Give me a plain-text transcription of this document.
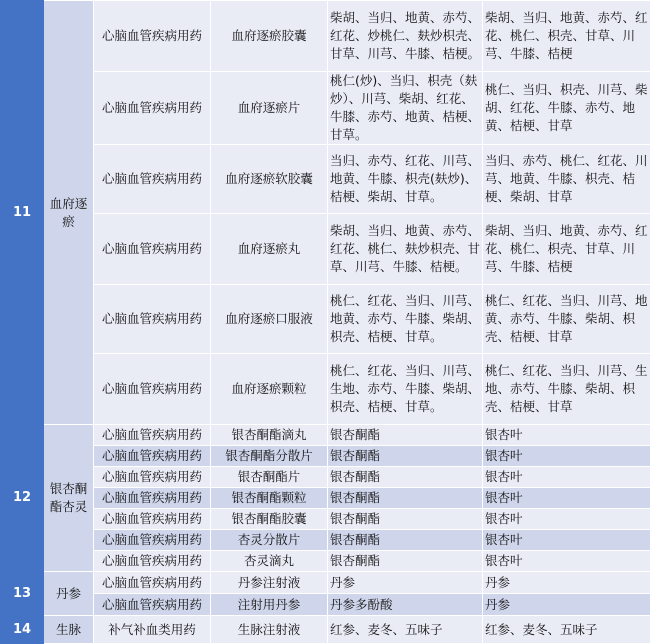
11	血府逐瘀	心脑血管疾病用药	血府逐瘀胶囊	柴胡、当归、地黄、赤芍、红花、炒桃仁、麸炒枳壳、甘草、川芎、牛膝、桔梗。	柴胡、当归、地黄、赤芍、红花、桃仁、枳壳、甘草、川芎、牛膝、桔梗
		心脑血管疾病用药	血府逐瘀片	桃仁(炒)、当归、枳壳（麸炒）、川芎、柴胡、红花、牛膝、赤芍、地黄、桔梗、甘草。	桃仁、当归、枳壳、川芎、柴胡、红花、牛膝、赤芍、地黄、桔梗、甘草
		心脑血管疾病用药	血府逐瘀软胶囊	当归、赤芍、红花、川芎、地黄、牛膝、枳壳(麸炒)、桔梗、柴胡、甘草。	当归、赤芍、桃仁、红花、川芎、地黄、牛膝、枳壳、桔梗、柴胡、甘草
		心脑血管疾病用药	血府逐瘀丸	柴胡、当归、地黄、赤芍、红花、桃仁、麸炒枳壳、甘草、川芎、牛膝、桔梗。	柴胡、当归、地黄、赤芍、红花、桃仁、枳壳、甘草、川芎、牛膝、桔梗
		心脑血管疾病用药	血府逐瘀口服液	桃仁、红花、当归、川芎、地黄、赤芍、牛膝、柴胡、枳壳、桔梗、甘草。	桃仁、红花、当归、川芎、地黄、赤芍、牛膝、柴胡、枳壳、桔梗、甘草
		心脑血管疾病用药	血府逐瘀颗粒	桃仁、红花、当归、川芎、生地、赤芍、牛膝、柴胡、枳壳、桔梗、甘草。	桃仁、红花、当归、川芎、生地、赤芍、牛膝、柴胡、枳壳、桔梗、甘草
12	银杏酮酯杏灵	心脑血管疾病用药	银杏酮酯滴丸	银杏酮酯	银杏叶
		心脑血管疾病用药	银杏酮酯分散片	银杏酮酯	银杏叶
		心脑血管疾病用药	银杏酮酯片	银杏酮酯	银杏叶
		心脑血管疾病用药	银杏酮酯颗粒	银杏酮酯	银杏叶
		心脑血管疾病用药	银杏酮酯胶囊	银杏酮酯	银杏叶
		心脑血管疾病用药	杏灵分散片	银杏酮酯	银杏叶
		心脑血管疾病用药	杏灵滴丸	银杏酮酯	银杏叶
13	丹参	心脑血管疾病用药	丹参注射液	丹参	丹参
		心脑血管疾病用药	注射用丹参	丹参多酚酸	丹参
14	生脉	补气补血类用药	生脉注射液	红参、麦冬、五味子	红参、麦冬、五味子
